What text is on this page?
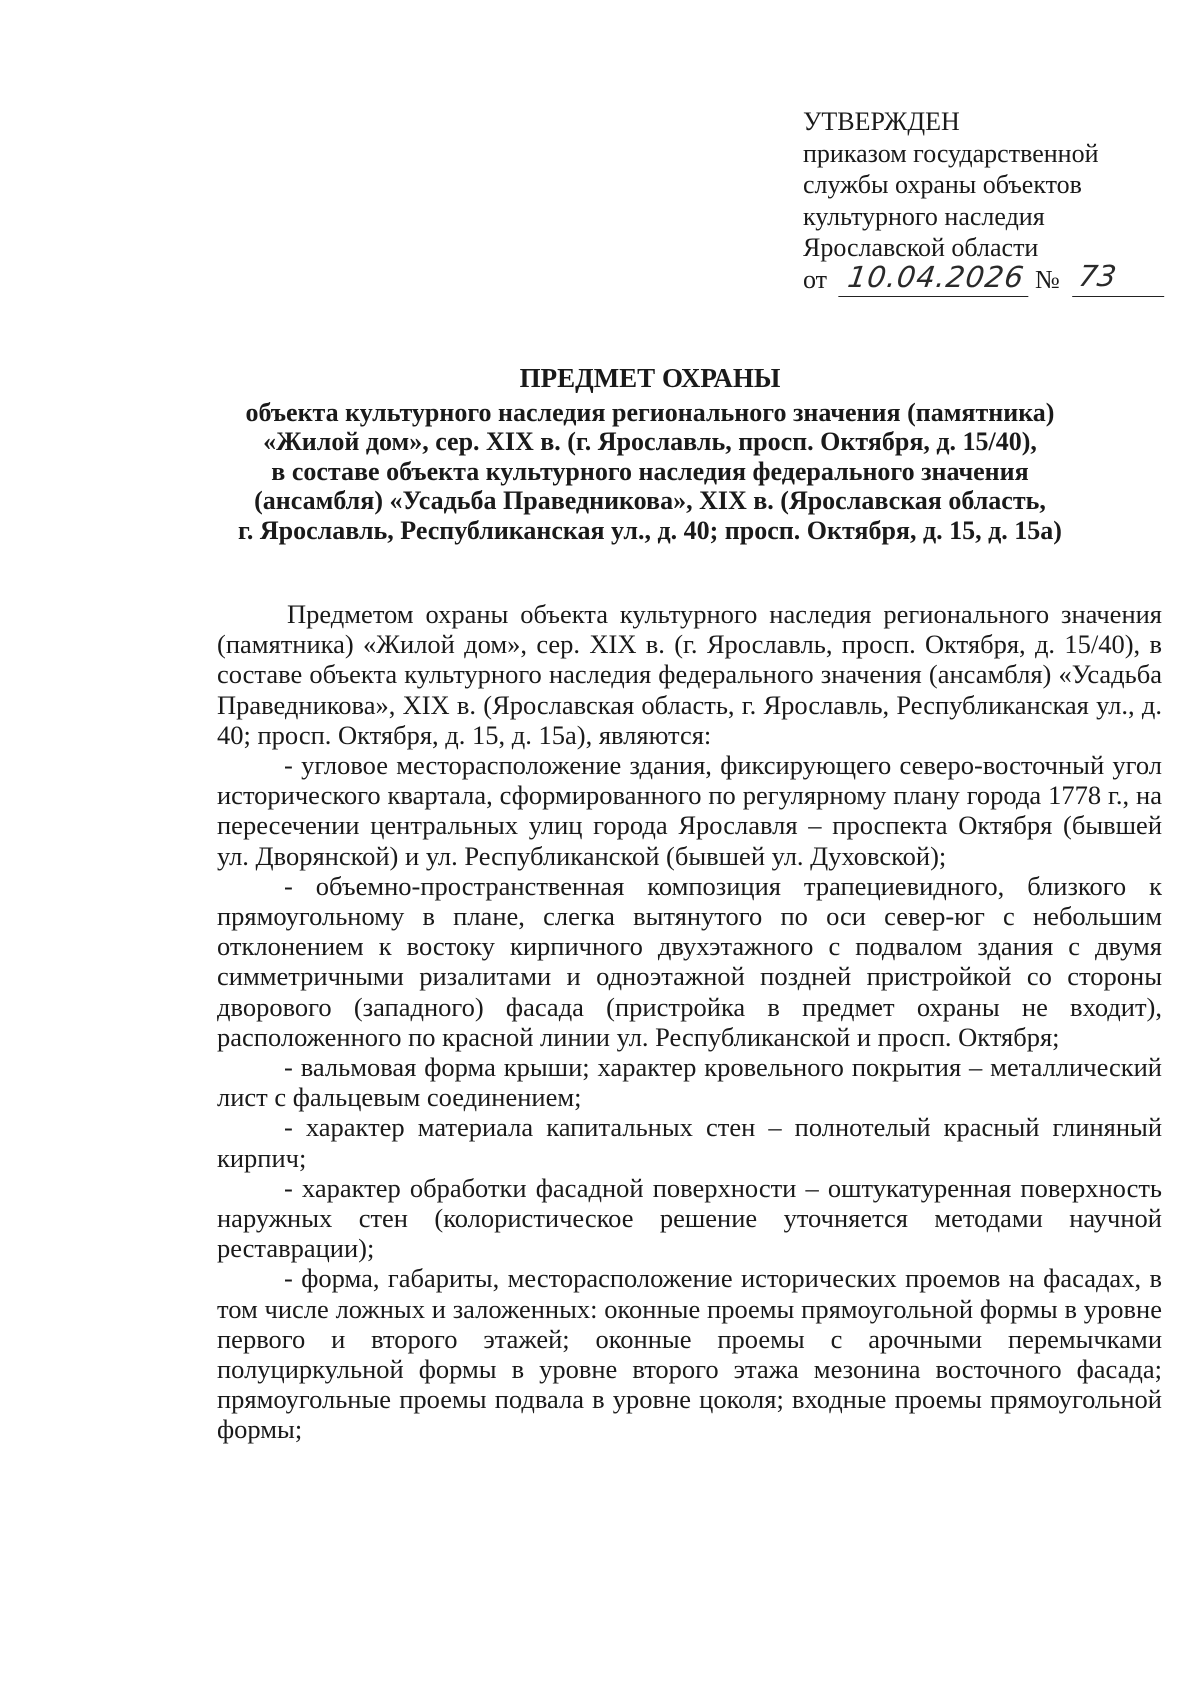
УТВЕРЖДЕН
приказом государственной
службы охраны объектов
культурного наследия
Ярославской области
от 10.04.2026 № 73
ПРЕДМЕТ ОХРАНЫ
объекта культурного наследия регионального значения (памятника)
«Жилой дом», сер. XIX в. (г. Ярославль, просп. Октября, д. 15/40),
в составе объекта культурного наследия федерального значения
(ансамбля) «Усадьба Праведникова», XIX в. (Ярославская область,
г. Ярославль, Республиканская ул., д. 40; просп. Октября, д. 15, д. 15а)

Предметом охраны объекта культурного наследия регионального значения (памятника) «Жилой дом», сер. XIX в. (г. Ярославль, просп. Октября, д. 15/40), в составе объекта культурного наследия федерального значения (ансамбля) «Усадьба Праведникова», XIX в. (Ярославская область, г. Ярославль, Республиканская ул., д. 40; просп. Октября, д. 15, д. 15а), являются:

- угловое месторасположение здания, фиксирующего северо-восточный угол исторического квартала, сформированного по регулярному плану города 1778 г., на пересечении центральных улиц города Ярославля – проспекта Октября (бывшей ул. Дворянской) и ул. Республиканской (бывшей ул. Духовской);

- объемно-пространственная композиция трапециевидного, близкого к прямоугольному в плане, слегка вытянутого по оси север-юг с небольшим отклонением к востоку кирпичного двухэтажного с подвалом здания с двумя симметричными ризалитами и одноэтажной поздней пристройкой со стороны дворового (западного) фасада (пристройка в предмет охраны не входит), расположенного по красной линии ул. Республиканской и просп. Октября;

- вальмовая форма крыши; характер кровельного покрытия – металлический лист с фальцевым соединением;

- характер материала капитальных стен – полнотелый красный глиняный кирпич;

- характер обработки фасадной поверхности – оштукатуренная поверхность наружных стен (колористическое решение уточняется методами научной реставрации);

- форма, габариты, месторасположение исторических проемов на фасадах, в том числе ложных и заложенных: оконные проемы прямоугольной формы в уровне первого и второго этажей; оконные проемы с арочными перемычками полуциркульной формы в уровне второго этажа мезонина восточного фасада; прямоугольные проемы подвала в уровне цоколя; входные проемы прямоугольной формы;
